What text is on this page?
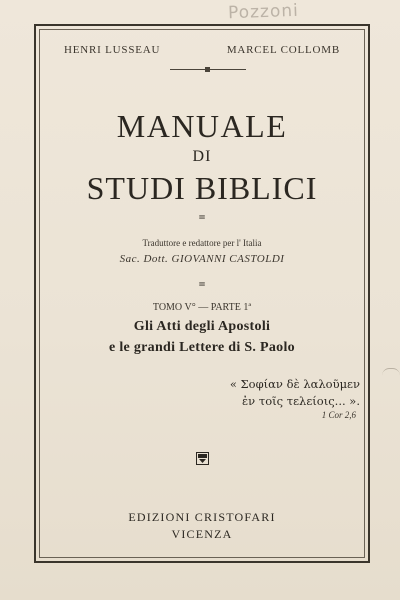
Pozzoni
HENRI LUSSEAU	MARCEL COLLOMB
MANUALE
DI
STUDI BIBLICI
=
Traduttore e redattore per l' Italia
Sac. Dott. GIOVANNI CASTOLDI
=
TOMO V° — PARTE 1ª
Gli Atti degli Apostoli
e le grandi Lettere di S. Paolo
« Σοφίαν δὲ λαλοῦμεν
ἐν τοῖς τελείοις... ».
1 Cor 2,6
EDIZIONI CRISTOFARI
VICENZA
